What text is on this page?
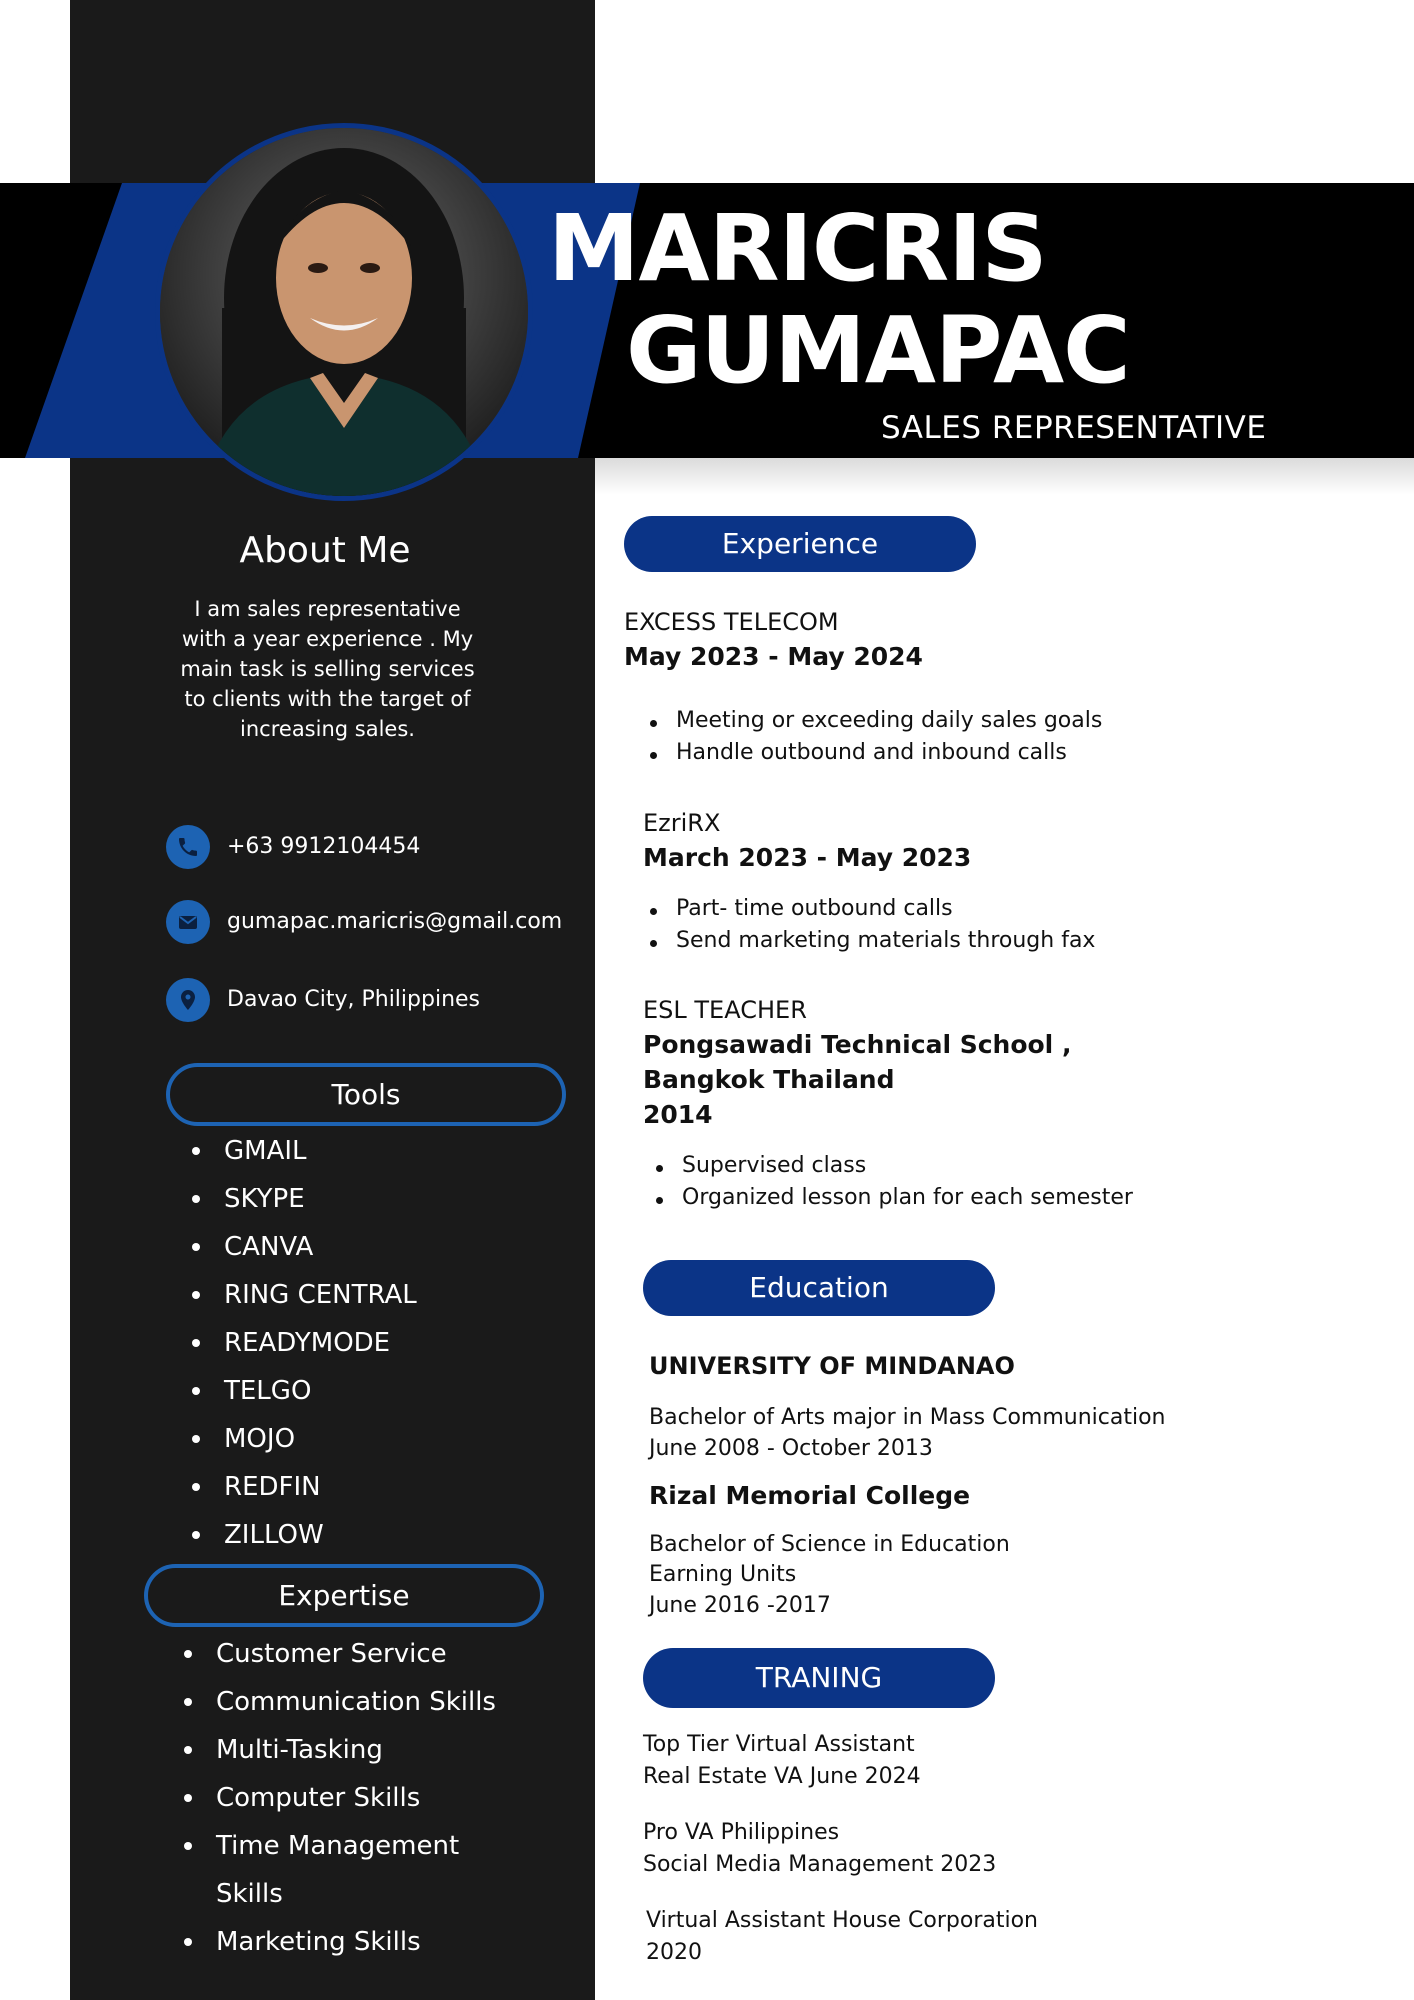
MARICRIS
GUMAPAC
SALES REPRESENTATIVE
About Me
I am sales representative with a year experience . My main task is selling services to clients with the target of increasing sales.
+63 9912104454
gumapac.maricris@gmail.com
Davao City, Philippines
Tools
GMAIL
SKYPE
CANVA
RING CENTRAL
READYMODE
TELGO
MOJO
REDFIN
ZILLOW
Expertise
Customer Service
Communication Skills
Multi-Tasking
Computer Skills
Time Management
Skills
Marketing Skills
Experience
EXCESS TELECOM
May 2023 - May 2024
Meeting or exceeding daily sales goals
Handle outbound and inbound calls
EzriRX
March 2023 - May 2023
Part- time outbound calls
Send marketing materials through fax
ESL TEACHER
Pongsawadi Technical School ,
Bangkok Thailand
2014
Supervised class
Organized lesson plan for each semester
Education
UNIVERSITY OF MINDANAO
Bachelor of Arts major in Mass Communication
June 2008 - October 2013
Rizal Memorial College
Bachelor of Science in Education
Earning Units
June 2016 -2017
TRANING
Top Tier Virtual Assistant
Real Estate VA June 2024
Pro VA Philippines
Social Media Management 2023
Virtual Assistant House Corporation
2020
